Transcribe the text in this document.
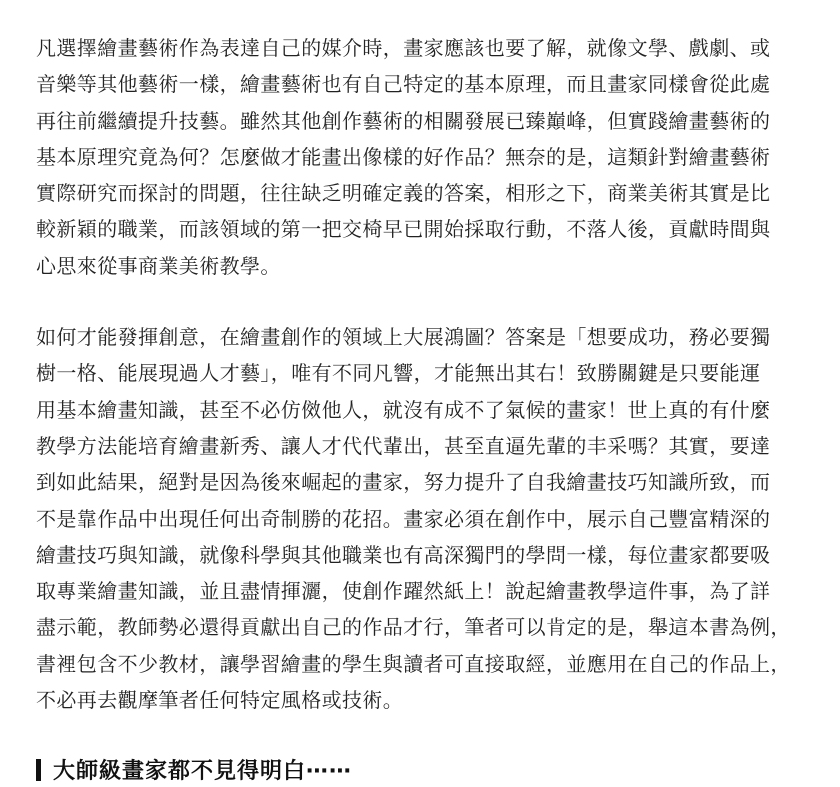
凡選擇繪畫藝術作為表達自己的媒介時，畫家應該也要了解，就像文學、戲劇、或
音樂等其他藝術一樣，繪畫藝術也有自己特定的基本原理，而且畫家同樣會從此處
再往前繼續提升技藝。雖然其他創作藝術的相關發展已臻巔峰，但實踐繪畫藝術的
基本原理究竟為何？怎麼做才能畫出像樣的好作品？無奈的是，這類針對繪畫藝術
實際研究而探討的問題，往往缺乏明確定義的答案，相形之下，商業美術其實是比
較新穎的職業，而該領域的第一把交椅早已開始採取行動，不落人後，貢獻時間與
心思來從事商業美術教學。

如何才能發揮創意，在繪畫創作的領域上大展鴻圖？答案是「想要成功，務必要獨
樹一格、能展現過人才藝」，唯有不同凡響，才能無出其右！致勝關鍵是只要能運
用基本繪畫知識，甚至不必仿傚他人，就沒有成不了氣候的畫家！世上真的有什麼
教學方法能培育繪畫新秀、讓人才代代輩出，甚至直逼先輩的丰采嗎？其實，要達
到如此結果，絕對是因為後來崛起的畫家，努力提升了自我繪畫技巧知識所致，而
不是靠作品中出現任何出奇制勝的花招。畫家必須在創作中，展示自己豐富精深的
繪畫技巧與知識，就像科學與其他職業也有高深獨門的學問一樣，每位畫家都要吸
取專業繪畫知識，並且盡情揮灑，使創作躍然紙上！說起繪畫教學這件事，為了詳
盡示範，教師勢必還得貢獻出自己的作品才行，筆者可以肯定的是，舉這本書為例，
書裡包含不少教材，讓學習繪畫的學生與讀者可直接取經，並應用在自己的作品上，
不必再去觀摩筆者任何特定風格或技術。

大師級畫家都不見得明白⋯⋯
